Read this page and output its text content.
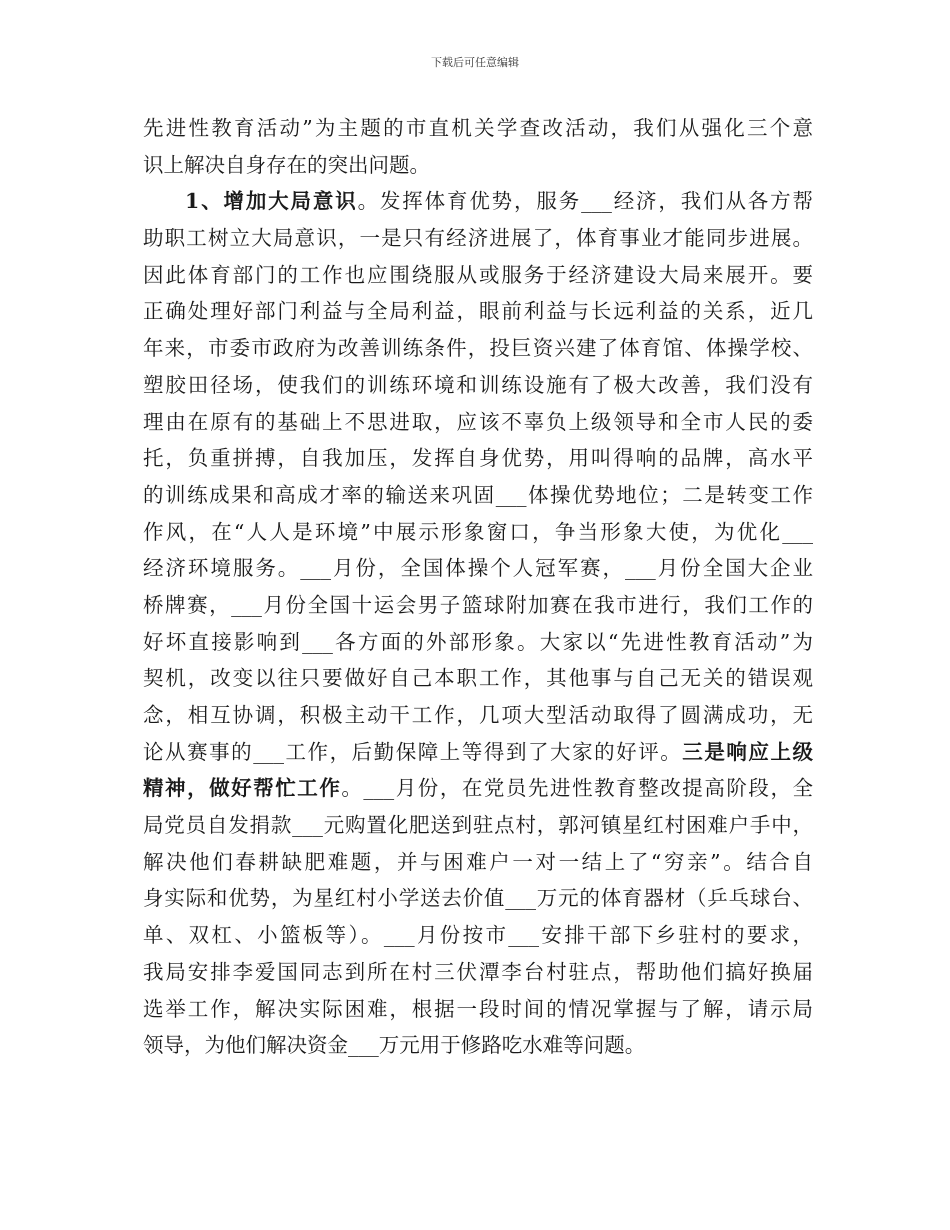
下载后可任意编辑
先进性教育活动”为主题的市直机关学查改活动，我们从强化三个意
识上解决自身存在的突出问题。
1、增加大局意识。发挥体育优势，服务___经济，我们从各方帮
助职工树立大局意识，一是只有经济进展了，体育事业才能同步进展。
因此体育部门的工作也应围绕服从或服务于经济建设大局来展开。要
正确处理好部门利益与全局利益，眼前利益与长远利益的关系，近几
年来，市委市政府为改善训练条件，投巨资兴建了体育馆、体操学校、
塑胶田径场，使我们的训练环境和训练设施有了极大改善，我们没有
理由在原有的基础上不思进取，应该不辜负上级领导和全市人民的委
托，负重拼搏，自我加压，发挥自身优势，用叫得响的品牌，高水平
的训练成果和高成才率的输送来巩固___体操优势地位；二是转变工作
作风，在“人人是环境”中展示形象窗口，争当形象大使，为优化___
经济环境服务。___月份，全国体操个人冠军赛，___月份全国大企业
桥牌赛，___月份全国十运会男子篮球附加赛在我市进行，我们工作的
好坏直接影响到___各方面的外部形象。大家以“先进性教育活动”为
契机，改变以往只要做好自己本职工作，其他事与自己无关的错误观
念，相互协调，积极主动干工作，几项大型活动取得了圆满成功，无
论从赛事的___工作，后勤保障上等得到了大家的好评。三是响应上级
精神，做好帮忙工作。___月份，在党员先进性教育整改提高阶段，全
局党员自发捐款___元购置化肥送到驻点村，郭河镇星红村困难户手中，
解决他们春耕缺肥难题，并与困难户一对一结上了“穷亲”。结合自
身实际和优势，为星红村小学送去价值___万元的体育器材（乒乓球台、
单、双杠、小篮板等）。___月份按市___安排干部下乡驻村的要求，
我局安排李爱国同志到所在村三伏潭李台村驻点，帮助他们搞好换届
选举工作，解决实际困难，根据一段时间的情况掌握与了解，请示局
领导，为他们解决资金___万元用于修路吃水难等问题。
